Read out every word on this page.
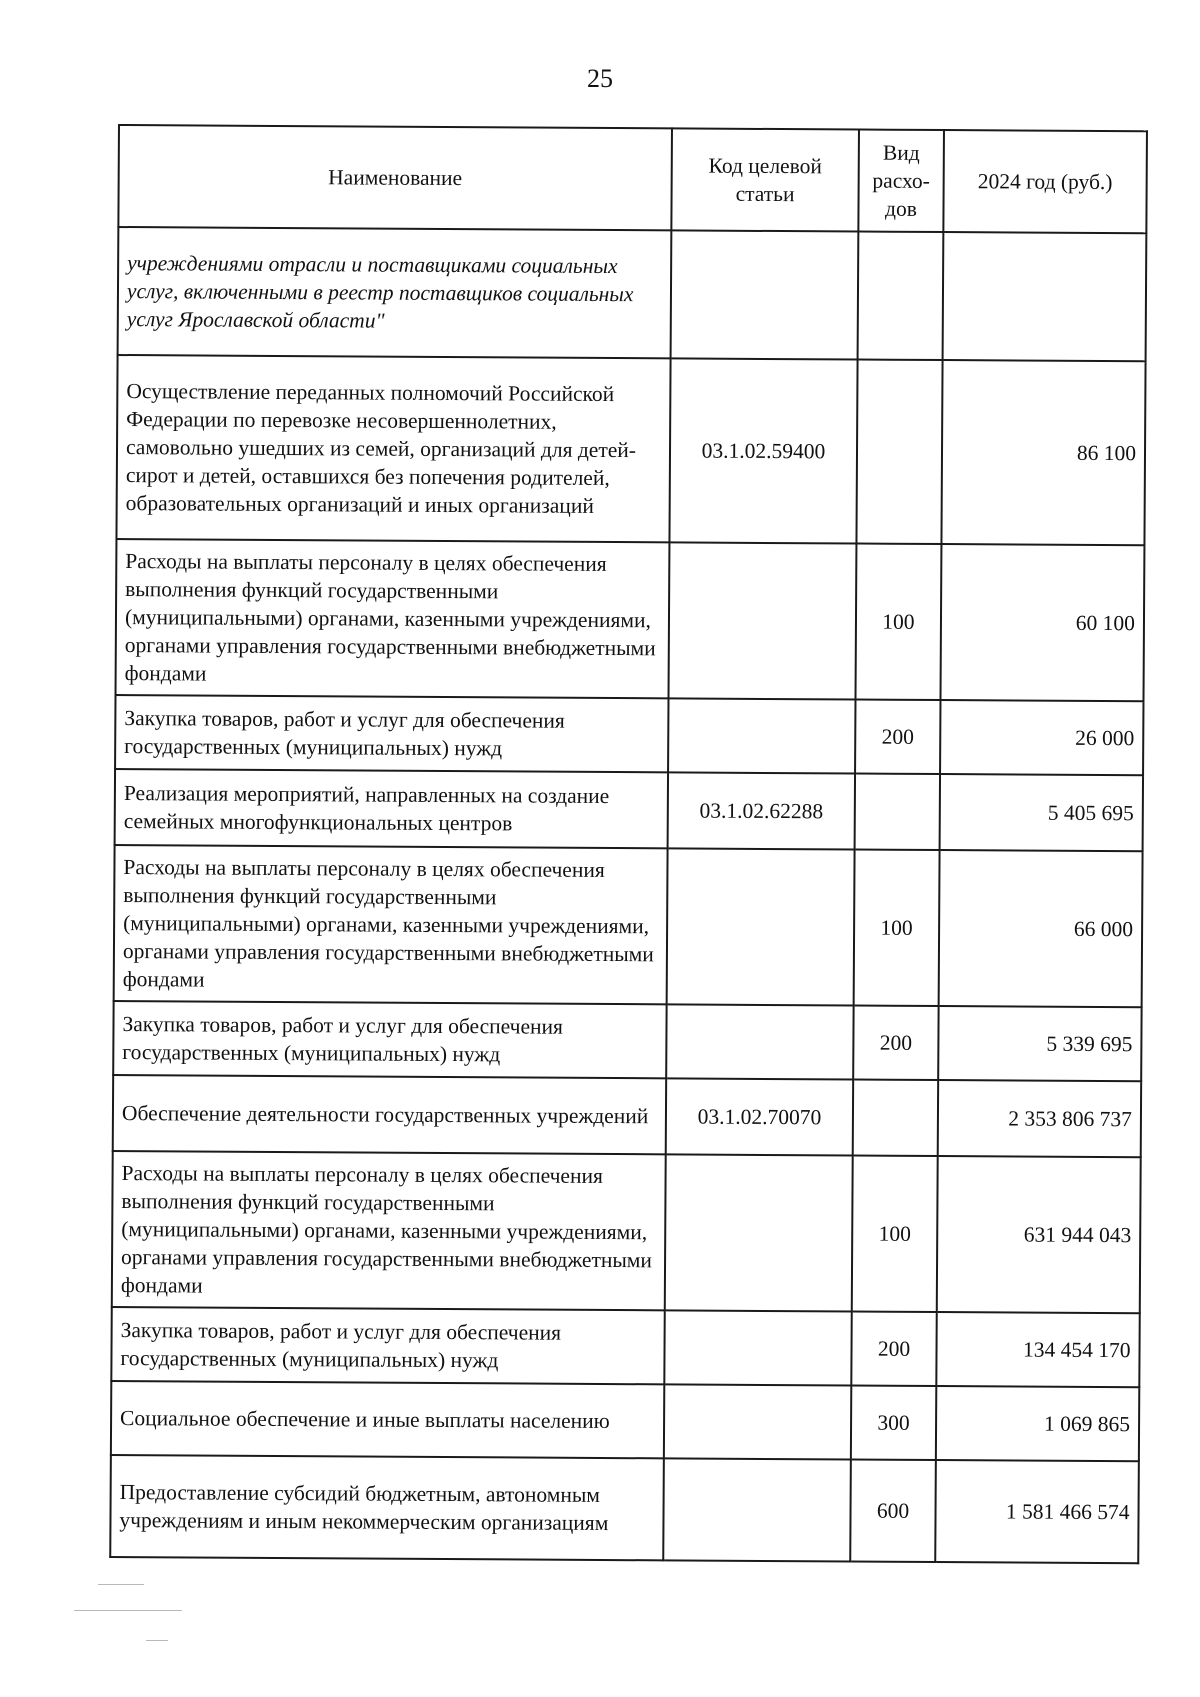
25
Наименование	Код целевой статьи	Вид расхо-дов	2024 год (руб.)
учреждениями отрасли и поставщиками социальных услуг, включенными в реестр поставщиков социальных услуг Ярославской области"			
Осуществление переданных полномочий Российской Федерации по перевозке несовершеннолетних, самовольно ушедших из семей, организаций для детей-сирот и детей, оставшихся без попечения родителей, образовательных организаций и иных организаций	03.1.02.59400		86 100
Расходы на выплаты персоналу в целях обеспечения выполнения функций государственными (муниципальными) органами, казенными учреждениями, органами управления государственными внебюджетными фондами		100	60 100
Закупка товаров, работ и услуг для обеспечения государственных (муниципальных) нужд		200	26 000
Реализация мероприятий, направленных на создание семейных многофункциональных центров	03.1.02.62288		5 405 695
Расходы на выплаты персоналу в целях обеспечения выполнения функций государственными (муниципальными) органами, казенными учреждениями, органами управления государственными внебюджетными фондами		100	66 000
Закупка товаров, работ и услуг для обеспечения государственных (муниципальных) нужд		200	5 339 695
Обеспечение деятельности государственных учреждений	03.1.02.70070		2 353 806 737
Расходы на выплаты персоналу в целях обеспечения выполнения функций государственными (муниципальными) органами, казенными учреждениями, органами управления государственными внебюджетными фондами		100	631 944 043
Закупка товаров, работ и услуг для обеспечения государственных (муниципальных) нужд		200	134 454 170
Социальное обеспечение и иные выплаты населению		300	1 069 865
Предоставление субсидий бюджетным, автономным учреждениям и иным некоммерческим организациям		600	1 581 466 574
